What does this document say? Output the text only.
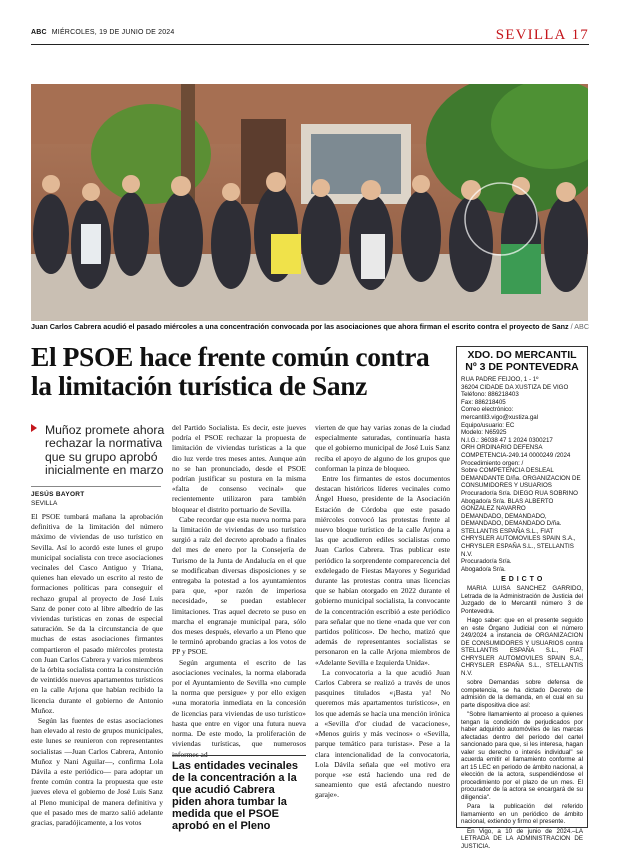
ABC MIÉRCOLES, 19 DE JUNIO DE 2024	SEVILLA 17
Juan Carlos Cabrera acudió el pasado miércoles a una concentración convocada por las asociaciones que ahora firman el escrito contra el proyecto de Sanz / ABC
El PSOE hace frente común contra la limitación turística de Sanz
Muñoz promete ahora rechazar la normativa que su grupo aprobó inicialmente en marzo
JESÚS BAYORT
SEVILLA

El PSOE tumbará mañana la aprobación definitiva de la limitación del número máximo de viviendas de uso turístico en Sevilla. Así lo acordó este lunes el grupo municipal socialista con trece asociaciones vecinales del Casco Antiguo y Triana, quienes han elevado un escrito al resto de formaciones políticas para conseguir el rechazo grupal al proyecto de José Luis Sanz de poner coto al libre albedrío de las viviendas turísticas en zonas de especial saturación. Se da la circunstancia de que muchas de estas asociaciones firmantes compartieron el pasado miércoles protesta con Juan Carlos Cabrera y varios miembros de la órbita socialista contra la construcción de veintidós nuevos apartamentos turísticos en la calle Arjona que habían recibido la licencia durante el gobierno de Antonio Muñoz.

Según las fuentes de estas asociaciones han elevado al resto de grupos municipales, este lunes se reunieron con representantes socialistas —Juan Carlos Cabrera, Antonio Muñoz y Nani Aguilar—, confirma Lola Dávila a este periódico— para adoptar un frente común contra la propuesta que este jueves eleva el gobierno de José Luis Sanz al Pleno municipal de manera definitiva y que el pasado mes de marzo salió adelante gracias, paradójicamente, a los votos

del Partido Socialista. Es decir, este jueves podría el PSOE rechazar la propuesta de limitación de viviendas turísticas a la que dio luz verde tres meses antes. Aunque aún no se han pronunciado, desde el PSOE podrían justificar su postura en la misma «falta de consenso vecinal» que recientemente utilizaron para también bloquear el distrito portuario de Sevilla.

Cabe recordar que esta nueva norma para la limitación de viviendas de uso turístico surgió a raíz del decreto aprobado a finales del mes de enero por la Consejería de Turismo de la Junta de Andalucía en el que se modificaban diversas disposiciones y se entregaba la potestad a los ayuntamientos para que, «por razón de imperiosa necesidad», se puedan establecer limitaciones. Tras aquel decreto se puso en marcha el engranaje municipal para, sólo dos meses después, elevarlo a un Pleno que le terminó aprobando gracias a los votos de PP y PSOE.

Según argumenta el escrito de las asociaciones vecinales, la norma elaborada por el Ayuntamiento de Sevilla «no cumple la norma que persigue» y por ello exigen «una moratoria inmediata en la concesión de licencias para viviendas de uso turístico» hasta que entre en vigor una futura nueva norma. De este modo, la proliferación de viviendas turísticas, que numerosos informes ad-

Las entidades vecinales de la concentración a la que acudió Cabrera piden ahora tumbar la medida que el PSOE aprobó en el Pleno

vierten de que hay varias zonas de la ciudad especialmente saturadas, continuaría hasta que el gobierno municipal de José Luis Sanz reciba el apoyo de alguno de los grupos que conforman la pinza de bloqueo.

Entre los firmantes de estos documentos destacan históricos líderes vecinales como Ángel Hueso, presidente de la Asociación Estación de Córdoba que este pasado miércoles convocó las protestas frente al nuevo bloque turístico de la calle Arjona a las que acudieron ediles socialistas como Juan Carlos Cabrera. Tras publicar este periódico la sorprendente comparecencia del exdelegado de Fiestas Mayores y Seguridad durante las protestas contra unas licencias que se habían otorgado en 2022 durante el gobierno municipal socialista, la convocante de la concentración escribió a este periódico para señalar que no tiene «nada que ver con partidos políticos». De hecho, matizó que además de representantes socialistas se personaron en la calle Arjona miembros de «Adelante Sevilla e Izquierda Unida».

La convocatoria a la que acudió Juan Carlos Cabrera se realizó a través de unos pasquines titulados «¡Basta ya! No queremos más apartamentos turísticos», en los que además se hacía una mención irónica a «Sevilla d'or ciudad de vacaciones», «Menos guiris y más vecinos» o «Sevilla, parque temático para turistas». Pese a la clara intencionalidad de la convocatoria, Lola Dávila señala que «el motivo era porque «se está haciendo una red de saneamiento que está afectando nuestro garaje».

XDO. DO MERCANTIL Nº 3 DE PONTEVEDRA
RUA PADRE FEIJOO, 1 - 1º
36204 CIDADE DA XUSTIZA DE VIGO
Teléfono: 886218403
Fax: 886218405
Correo electrónico:
mercantil3.vigo@xustiza.gal
Equipo/usuario: EC
Modelo: N65925
N.I.G.: 36038 47 1 2024 0300217
ORH ORDINARIO DEFENSA COMPETENCIA-249.14 0000249 /2024
Procedimiento orgen: /
Sobre COMPETENCIA DESLEAL
DEMANDANTE D/ña. ORGANIZACION DE CONSUMIDORES Y USUARIOS
Procurador/a Sr/a. DIEGO RUA SOBRINO
Abogado/a Sr/a. BLAS ALBERTO GONZALEZ NAVARRO
DEMANDADO, DEMANDADO, DEMANDADO, DEMANDADO D/ña. STELLANTIS ESPAÑA S.L., FIAT CHRYSLER AUTOMOVILES SPAIN S.A., CHRYSLER ESPAÑA S.L., STELLANTIS N.V.
Procurador/a Sr/a.
Abogado/a Sr/a.
E D I C T O

MARIA LUISA SANCHEZ GARRIDO, Letrada de la Administración de Justicia del Juzgado de lo Mercantil número 3 de Pontevedra.

Hago saber: que en el presente seguido en este Órgano Judicial con el número 249/2024 a instancia de ORGANIZACION DE CONSUMIDORES Y USUARIOS contra STELLANTIS ESPAÑA S.L., FIAT CHRYSLER AUTOMOVILES SPAIN S.A., CHRYSLER ESPAÑA S.L., STELLANTIS N.V.

sobre Demandas sobre defensa de competencia, se ha dictado Decreto de admisión de la demanda, en el cual en su parte dispositiva dice así:

"Sobre llamamiento al proceso a quienes tengan la condición de perjudicados por haber adquirido automóviles de las marcas afectadas dentro del período del cartel sancionado para que, si les interesa, hagan valer su derecho o interés individual" se acuerda emitir el llamamiento conforme al art 15 LEC en periodo de ámbito nacional, a elección de la actora, suspendiéndose el procedimiento por el plazo de un mes. El procurador de la actora se encargará de su diligencia".

Para la publicación del referido llamamiento en un periódico de ámbito nacional, extiendo y firmo el presente.

En Vigo, a 10 de junio de 2024.–LA LETRADA DE LA ADMINISTRACION DE JUSTICIA.
